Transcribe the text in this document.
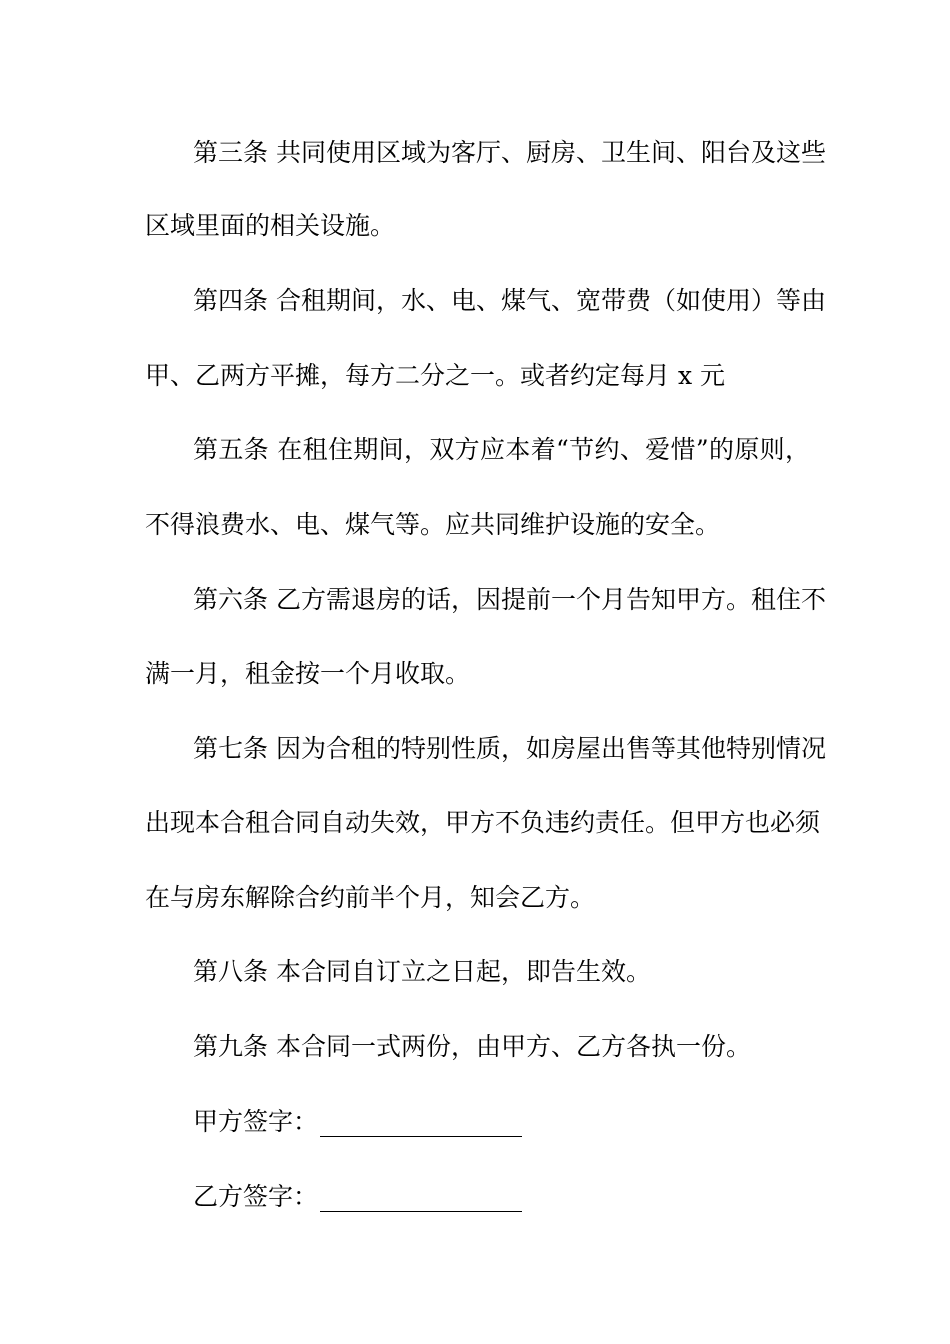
第三条 共同使用区域为客厅、厨房、卫生间、阳台及这些
区域里面的相关设施。
第四条 合租期间，水、电、煤气、宽带费（如使用）等由
甲、乙两方平摊，每方二分之一。或者约定每月 x 元
第五条 在租住期间，双方应本着“节约、爱惜”的原则，
不得浪费水、电、煤气等。应共同维护设施的安全。
第六条 乙方需退房的话，因提前一个月告知甲方。租住不
满一月，租金按一个月收取。
第七条 因为合租的特别性质，如房屋出售等其他特别情况
出现本合租合同自动失效，甲方不负违约责任。但甲方也必须
在与房东解除合约前半个月，知会乙方。
第八条 本合同自订立之日起，即告生效。
第九条 本合同一式两份，由甲方、乙方各执一份。
甲方签字：
乙方签字：
